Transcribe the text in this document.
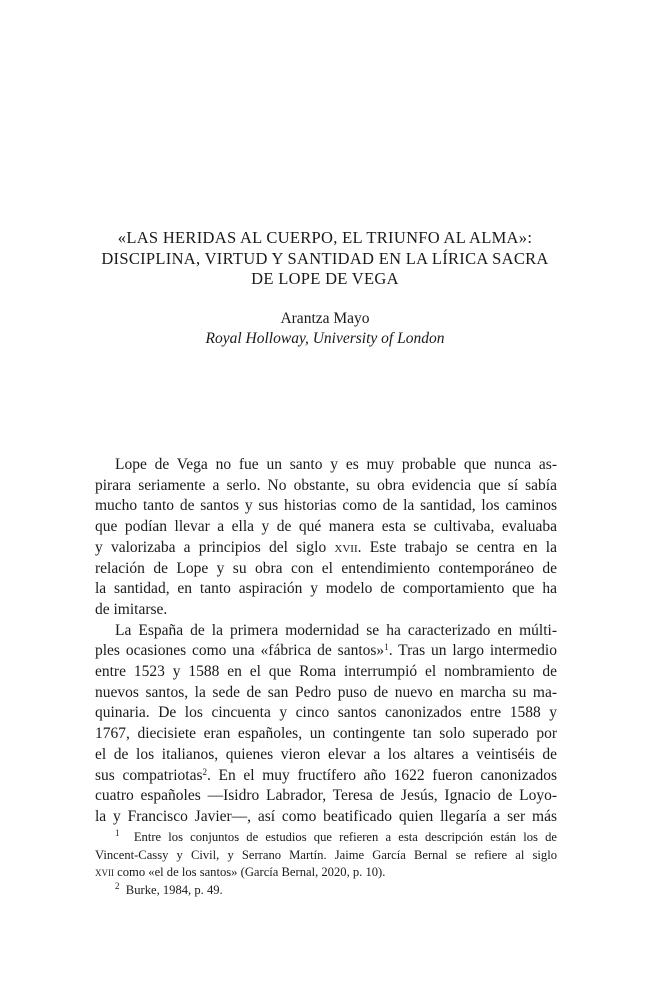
«LAS HERIDAS AL CUERPO, EL TRIUNFO AL ALMA»:
DISCIPLINA, VIRTUD Y SANTIDAD EN LA LÍRICA SACRA
DE LOPE DE VEGA
Arantza Mayo
Royal Holloway, University of London
Lope de Vega no fue un santo y es muy probable que nunca as-
pirara seriamente a serlo. No obstante, su obra evidencia que sí sabía
mucho tanto de santos y sus historias como de la santidad, los caminos
que podían llevar a ella y de qué manera esta se cultivaba, evaluaba
y valorizaba a principios del siglo xvii. Este trabajo se centra en la
relación de Lope y su obra con el entendimiento contemporáneo de
la santidad, en tanto aspiración y modelo de comportamiento que ha
de imitarse.
La España de la primera modernidad se ha caracterizado en múlti-
ples ocasiones como una «fábrica de santos»$^1$. Tras un largo intermedio
entre 1523 y 1588 en el que Roma interrumpió el nombramiento de
nuevos santos, la sede de san Pedro puso de nuevo en marcha su ma-
quinaria. De los cincuenta y cinco santos canonizados entre 1588 y
1767, diecisiete eran españoles, un contingente tan solo superado por
el de los italianos, quienes vieron elevar a los altares a veintiséis de
sus compatriotas$^2$. En el muy fructífero año 1622 fueron canonizados
cuatro españoles —Isidro Labrador, Teresa de Jesús, Ignacio de Loyo-
la y Francisco Javier—, así como beatificado quien llegaría a ser más
$^1$ Entre los conjuntos de estudios que refieren a esta descripción están los de
Vincent-Cassy y Civil, y Serrano Martín. Jaime García Bernal se refiere al siglo
xvii como «el de los santos» (García Bernal, 2020, p. 10).
$^2$ Burke, 1984, p. 49.
